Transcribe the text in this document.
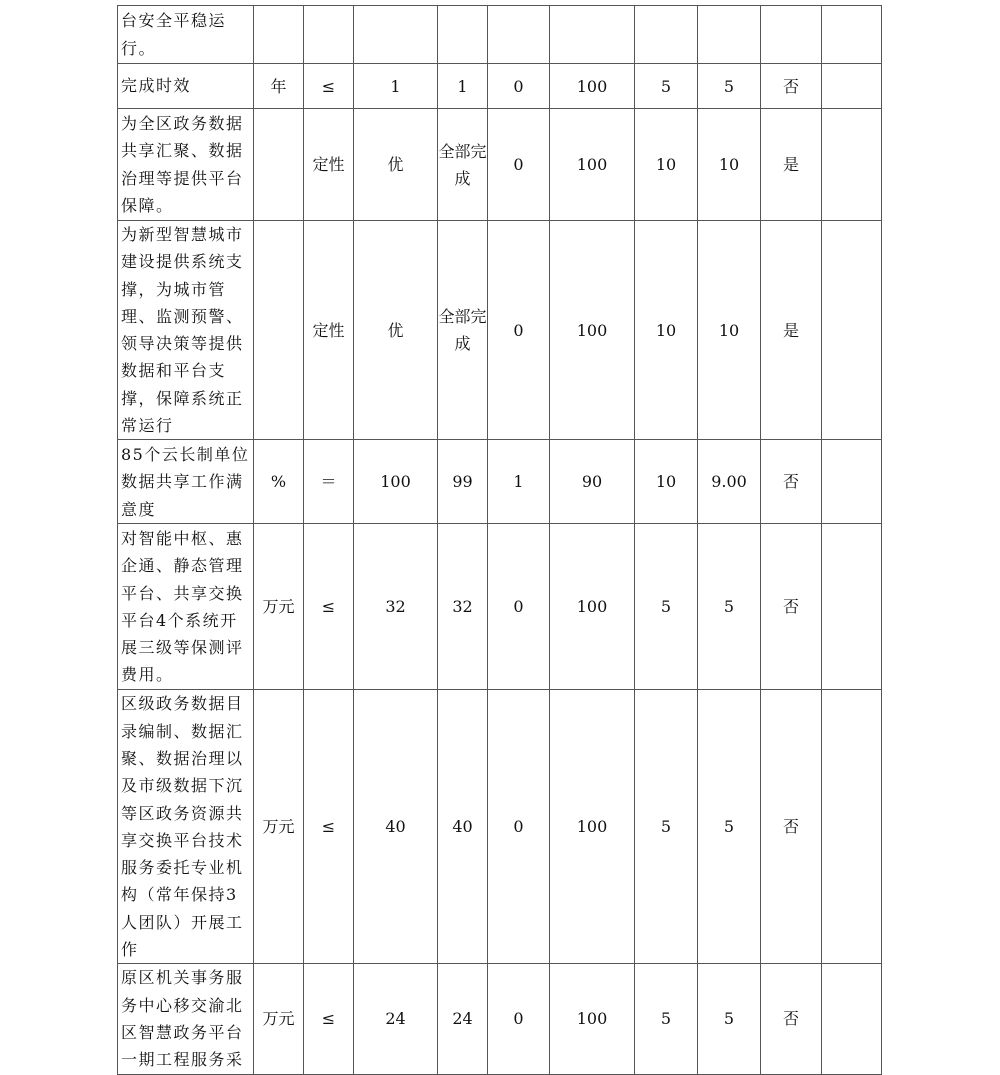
台安全平稳运行。										
完成时效	年	≤	1	1	0	100	5	5	否	
为全区政务数据共享汇聚、数据治理等提供平台保障。		定性	优	全部完成	0	100	10	10	是	
为新型智慧城市建设提供系统支撑，为城市管理、监测预警、领导决策等提供数据和平台支撑，保障系统正常运行		定性	优	全部完成	0	100	10	10	是	
85个云长制单位数据共享工作满意度	%	＝	100	99	1	90	10	9.00	否	
对智能中枢、惠企通、静态管理平台、共享交换平台4个系统开展三级等保测评费用。	万元	≤	32	32	0	100	5	5	否	
区级政务数据目录编制、数据汇聚、数据治理以及市级数据下沉等区政务资源共享交换平台技术服务委托专业机构（常年保持3人团队）开展工作	万元	≤	40	40	0	100	5	5	否	
原区机关事务服务中心移交渝北区智慧政务平台一期工程服务采	万元	≤	24	24	0	100	5	5	否	
